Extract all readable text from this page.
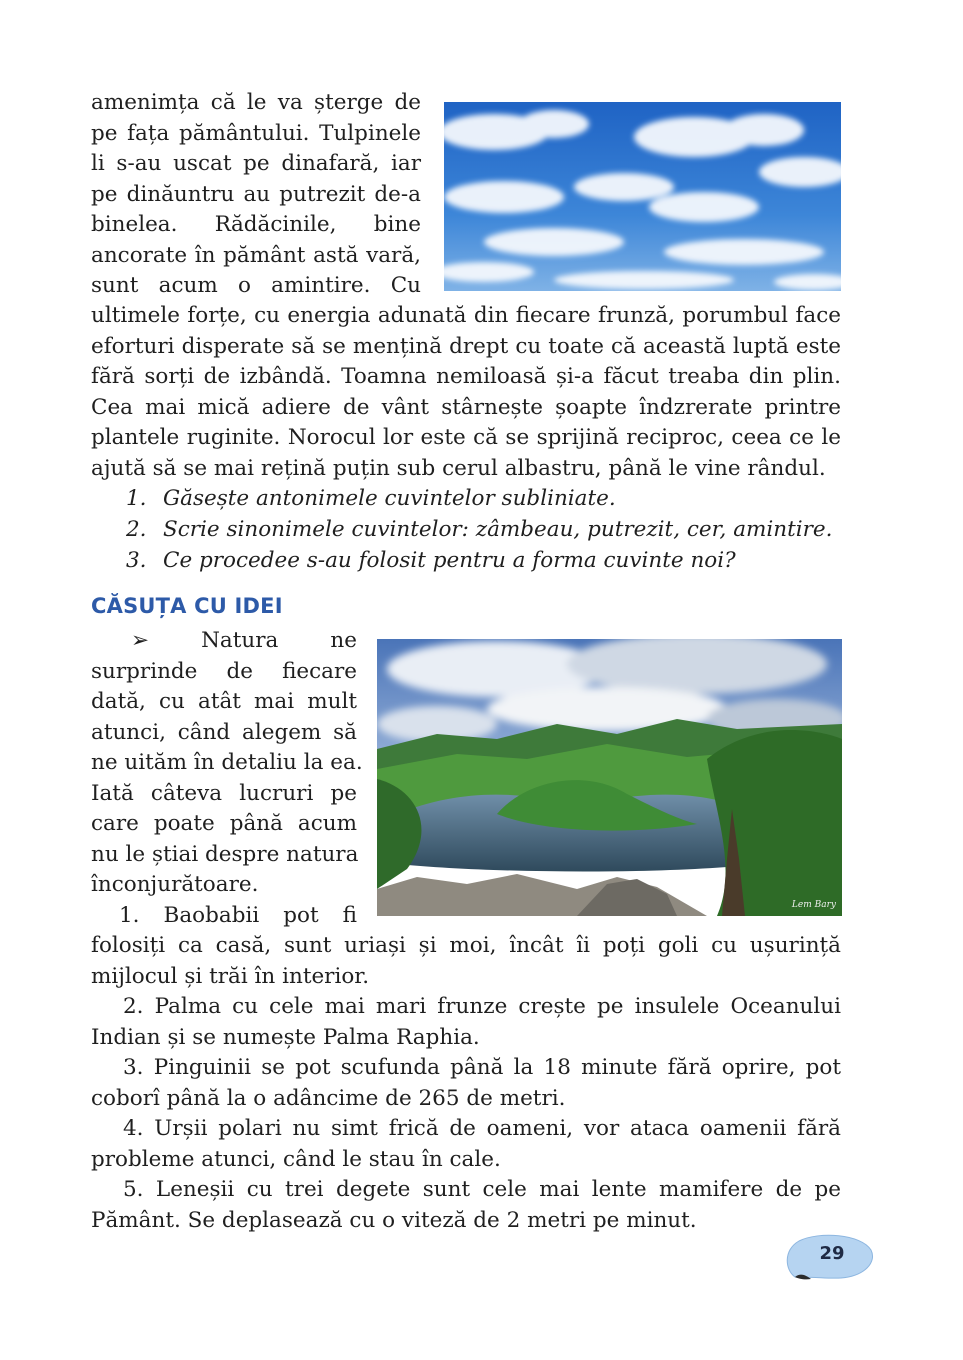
amenimța că le va șterge de
pe fața pământului. Tulpinele
li s-au uscat pe dinafară, iar
pe dinăuntru au putrezit de-a
binelea. Rădăcinile, bine
ancorate în pământ astă vară,
sunt acum o amintire. Cu
ultimele forțe, cu energia adunată din fiecare frunză, porumbul face
eforturi disperate să se mențină drept cu toate că această luptă este
fără sorți de izbândă. Toamna nemiloasă și-a făcut treaba din plin.
Cea mai mică adiere de vânt stârnește șoapte îndzrerate printre
plantele ruginite. Norocul lor este că se sprijină reciproc, ceea ce le
ajută să se mai rețină puțin sub cerul albastru, până le vine rândul.
1. Găsește antonimele cuvintelor subliniate.
2. Scrie sinonimele cuvintelor: zâmbeau, putrezit, cer, amintire.
3. Ce procedee s-au folosit pentru a forma cuvinte noi?
CĂSUȚA CU IDEI
Lem Bary
➢ Natura ne
surprinde de fiecare
dată, cu atât mai mult
atunci, când alegem să
ne uităm în detaliu la ea.
Iată câteva lucruri pe
care poate până acum
nu le știai despre natura
înconjurătoare.
1. Baobabii pot fi
folosiți ca casă, sunt uriași și moi, încât îi poți goli cu ușurință
mijlocul și trăi în interior.
2. Palma cu cele mai mari frunze crește pe insulele Oceanului Indian și se numește Palma Raphia.
3. Pinguinii se pot scufunda până la 18 minute fără oprire, pot coborî până la o adâncime de 265 de metri.
4. Urșii polari nu simt frică de oameni, vor ataca oamenii fără probleme atunci, când le stau în cale.
5. Leneșii cu trei degete sunt cele mai lente mamifere de pe Pământ. Se deplasează cu o viteză de 2 metri pe minut.
29
